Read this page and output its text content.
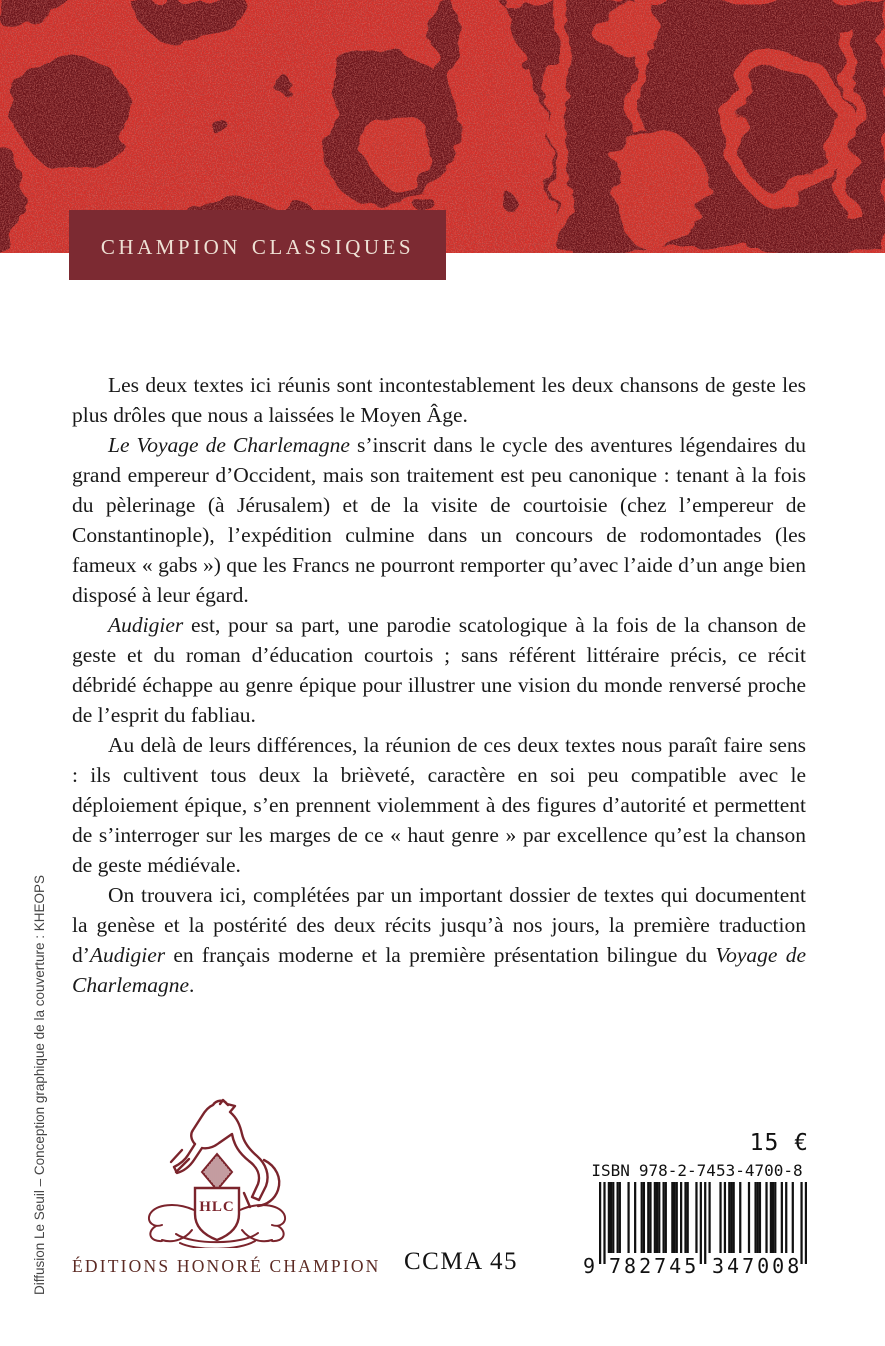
champion classiques

Les deux textes ici réunis sont incontestablement les deux chansons de geste les plus drôles que nous a laissées le Moyen Âge.

Le Voyage de Charlemagne s’inscrit dans le cycle des aventures légendaires du grand empereur d’Occident, mais son traitement est peu canonique : tenant à la fois du pèlerinage (à Jérusalem) et de la visite de courtoisie (chez l’empereur de Constantinople), l’expédition culmine dans un concours de rodomontades (les fameux « gabs ») que les Francs ne pourront remporter qu’avec l’aide d’un ange bien disposé à leur égard.

Audigier est, pour sa part, une parodie scatologique à la fois de la chanson de geste et du roman d’éducation courtois ; sans référent littéraire précis, ce récit débridé échappe au genre épique pour illustrer une vision du monde renversé proche de l’esprit du fabliau.

Au delà de leurs différences, la réunion de ces deux textes nous paraît faire sens : ils cultivent tous deux la brièveté, caractère en soi peu compatible avec le déploiement épique, s’en prennent violemment à des figures d’autorité et permettent de s’interroger sur les marges de ce « haut genre » par excellence qu’est la chanson de geste médiévale.

On trouvera ici, complétées par un important dossier de textes qui documentent la genèse et la postérité des deux récits jusqu’à nos jours, la première traduction d’Audigier en français moderne et la première présentation bilingue du Voyage de Charlemagne.

Diffusion Le Seuil – Conception graphique de la couverture : KHEOPS	HLC
15 €
ISBN 978-2-7453-4700-8
9 782745 347008
ÉDITIONS HONORÉ CHAMPION CCMA 45
